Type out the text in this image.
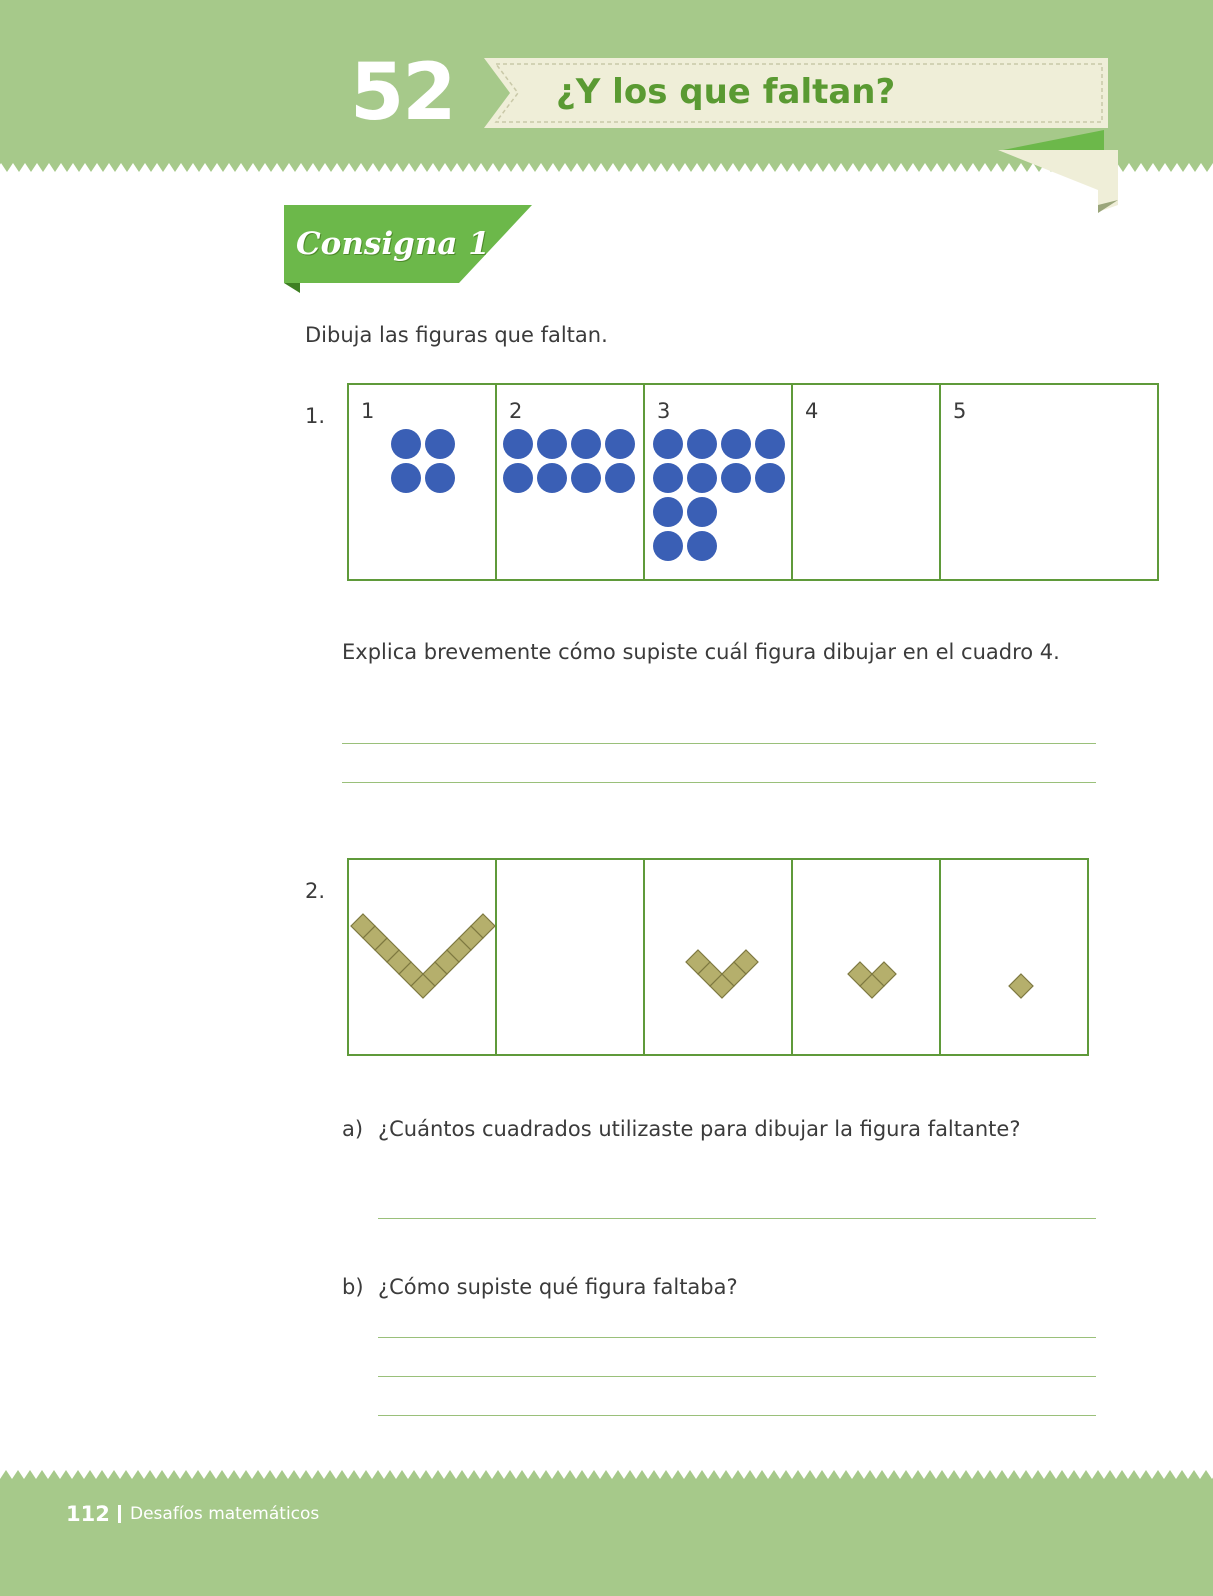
52	¿Y los que faltan?
Consigna 1
Dibuja las figuras que faltan.
1. 1	2	3	4	5
Explica brevemente cómo supiste cuál figura dibujar en el cuadro 4.
2.

a) ¿Cuántos cuadrados utilizaste para dibujar la figura faltante?
b) ¿Cómo supiste qué figura faltaba?
112 Desafíos matemáticos
